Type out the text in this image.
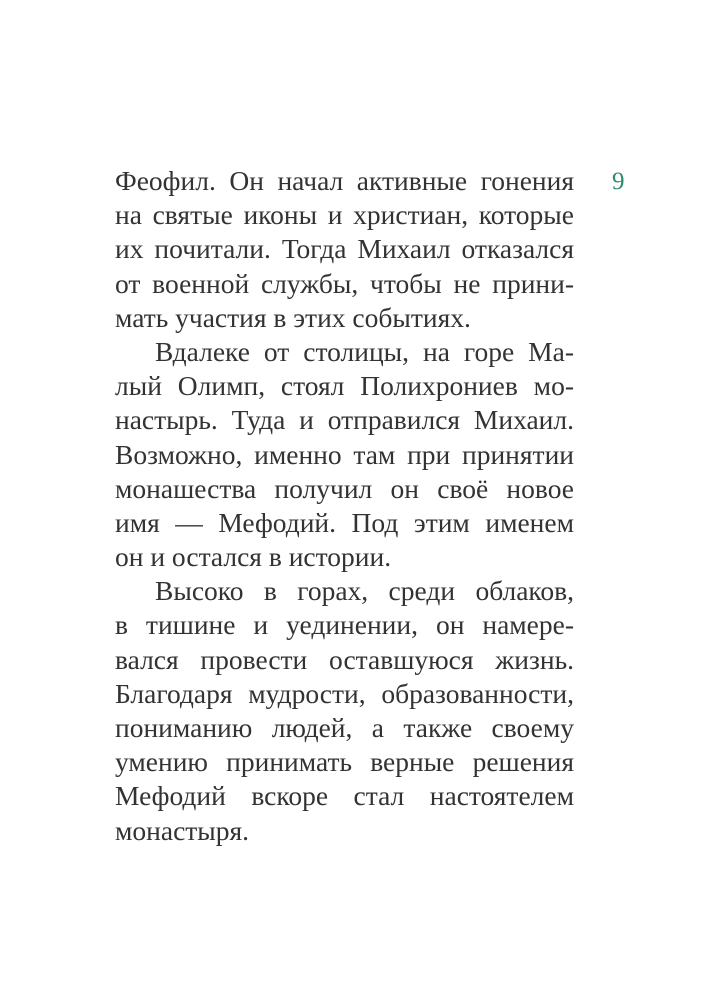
9
Феофил. Он начал активные гонения
на святые иконы и христиан, которые
их почитали. Тогда Михаил отказался
от военной службы, чтобы не прини-
мать участия в этих событиях.
Вдалеке от столицы, на горе Ма-
лый Олимп, стоял Полихрониев мо-
настырь. Туда и отправился Михаил.
Возможно, именно там при принятии
монашества получил он своё новое
имя — Мефодий. Под этим именем
он и остался в истории.
Высоко в горах, среди облаков,
в тишине и уединении, он намере-
вался провести оставшуюся жизнь.
Благодаря мудрости, образованности,
пониманию людей, а также своему
умению принимать верные решения
Мефодий вскоре стал настоятелем
монастыря.
